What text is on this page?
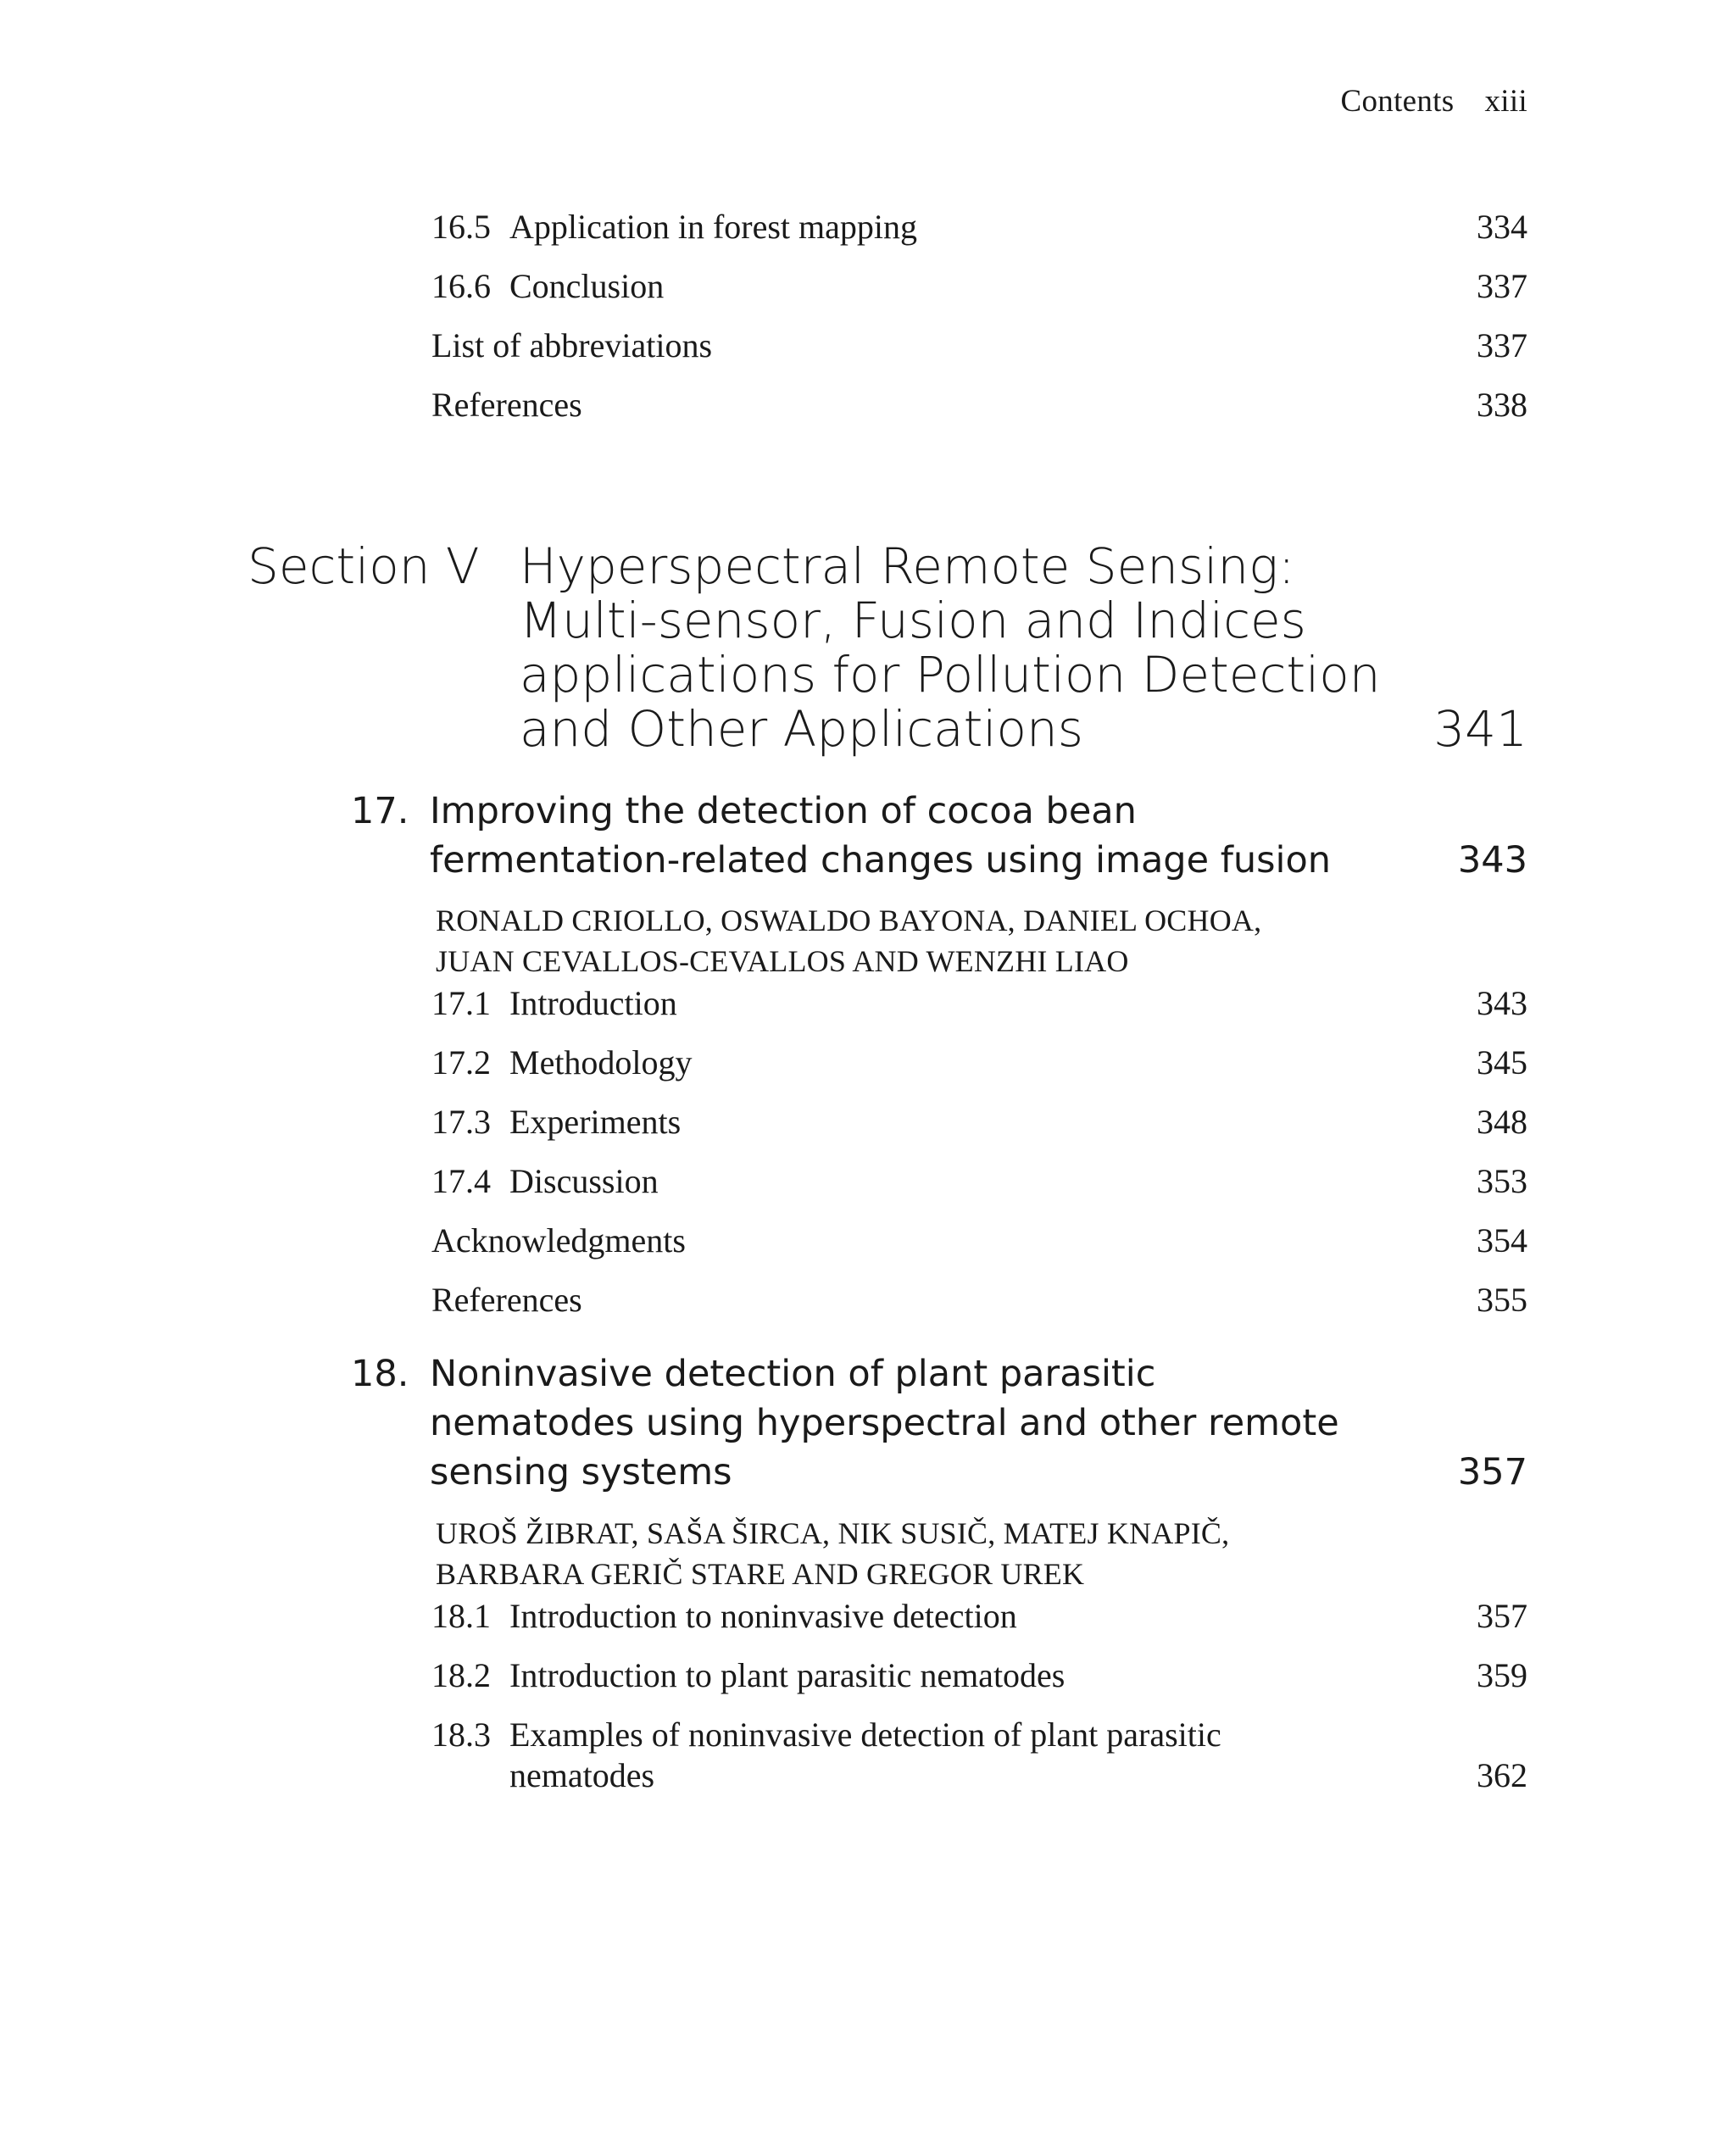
Contents xiii
16.5 Application in forest mapping	334
16.6 Conclusion	337
List of abbreviations	337
References	338
Section V Hyperspectral Remote Sensing:
Multi-sensor, Fusion and Indices
applications for Pollution Detection
and Other Applications	341
17. Improving the detection of cocoa bean
fermentation-related changes using image fusion	343
RONALD CRIOLLO, OSWALDO BAYONA, DANIEL OCHOA,
JUAN CEVALLOS-CEVALLOS AND WENZHI LIAO
17.1 Introduction	343
17.2 Methodology	345
17.3 Experiments	348
17.4 Discussion	353
Acknowledgments	354
References	355
18. Noninvasive detection of plant parasitic
nematodes using hyperspectral and other remote
sensing systems	357
UROŠ ŽIBRAT, SAŠA ŠIRCA, NIK SUSIČ, MATEJ KNAPIČ,
BARBARA GERIČ STARE AND GREGOR UREK
18.1 Introduction to noninvasive detection	357
18.2 Introduction to plant parasitic nematodes	359
18.3 Examples of noninvasive detection of plant parasitic
nematodes	362
